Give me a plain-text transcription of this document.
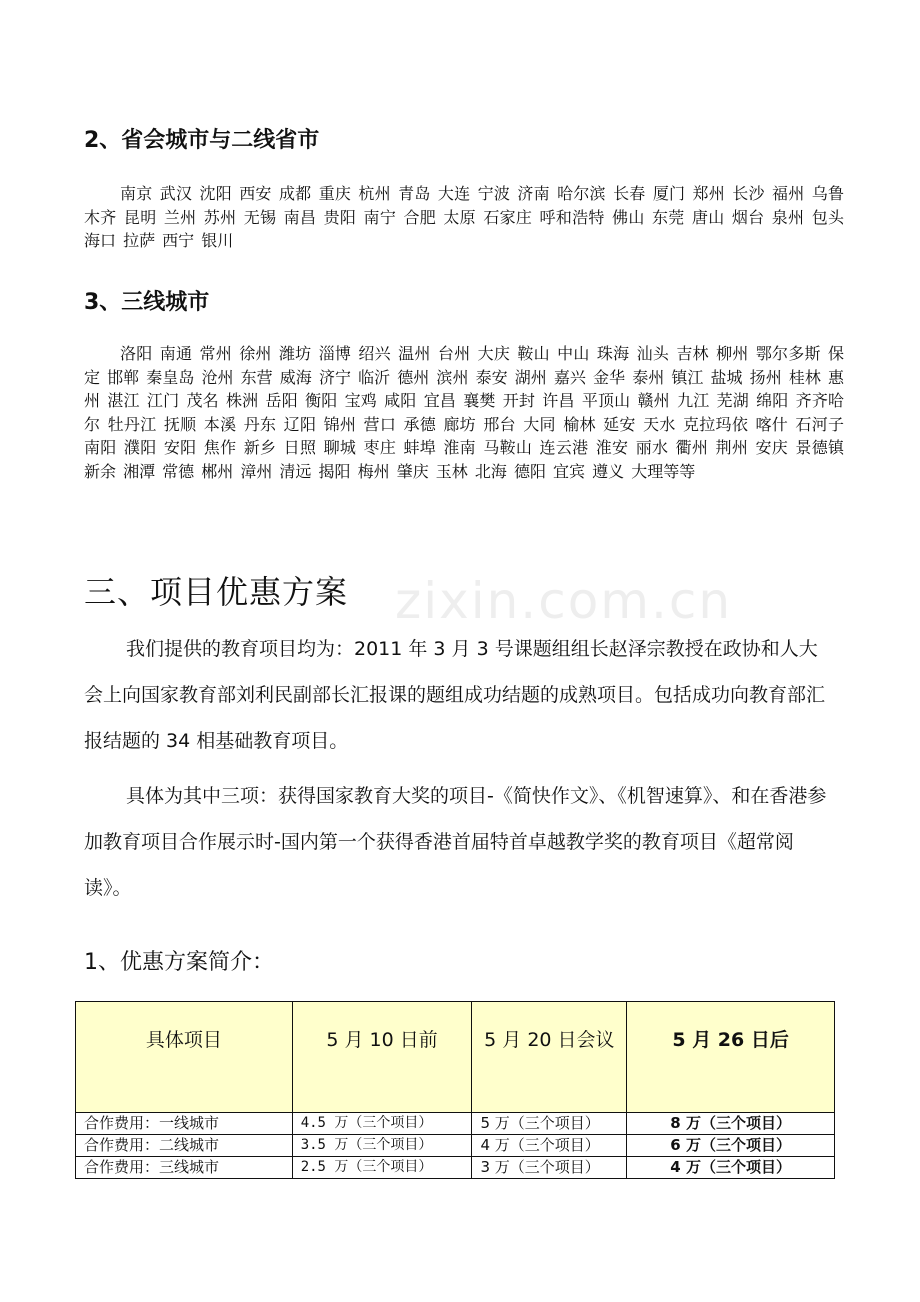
2、省会城市与二线省市
南京 武汉 沈阳 西安 成都 重庆 杭州 青岛 大连 宁波 济南 哈尔滨 长春 厦门 郑州 长沙 福州 乌鲁木齐 昆明 兰州 苏州 无锡 南昌 贵阳 南宁 合肥 太原 石家庄 呼和浩特 佛山 东莞 唐山 烟台 泉州 包头 海口 拉萨 西宁 银川
3、三线城市
洛阳 南通 常州 徐州 潍坊 淄博 绍兴 温州 台州 大庆 鞍山 中山 珠海 汕头 吉林 柳州 鄂尔多斯 保定 邯郸 秦皇岛 沧州 东营 威海 济宁 临沂 德州 滨州 泰安 湖州 嘉兴 金华 泰州 镇江 盐城 扬州 桂林 惠州 湛江 江门 茂名 株洲 岳阳 衡阳 宝鸡 咸阳 宜昌 襄樊 开封 许昌 平顶山 赣州 九江 芜湖 绵阳 齐齐哈尔 牡丹江 抚顺 本溪 丹东 辽阳 锦州 营口 承德 廊坊 邢台 大同 榆林 延安 天水 克拉玛依 喀什 石河子 南阳 濮阳 安阳 焦作 新乡 日照 聊城 枣庄 蚌埠 淮南 马鞍山 连云港 淮安 丽水 衢州 荆州 安庆 景德镇 新余 湘潭 常德 郴州 漳州 清远 揭阳 梅州 肇庆 玉林 北海 德阳 宜宾 遵义 大理等等
zixin.com.cn
三、项目优惠方案
我们提供的教育项目均为：2011 年 3 月 3 号课题组组长赵泽宗教授在政协和人大会上向国家教育部刘利民副部长汇报课的题组成功结题的成熟项目。包括成功向教育部汇报结题的 34 相基础教育项目。
具体为其中三项：获得国家教育大奖的项目-《简快作文》、《机智速算》、和在香港参加教育项目合作展示时-国内第一个获得香港首届特首卓越教学奖的教育项目《超常阅读》。
1、优惠方案简介：
具体项目	5 月 10 日前	5 月 20 日会议	5 月 26 日后
合作费用：一线城市	4.5 万（三个项目）	5 万（三个项目）	8 万（三个项目）
合作费用：二线城市	3.5 万（三个项目）	4 万（三个项目）	6 万（三个项目）
合作费用：三线城市	2.5 万（三个项目）	3 万（三个项目）	4 万（三个项目）
